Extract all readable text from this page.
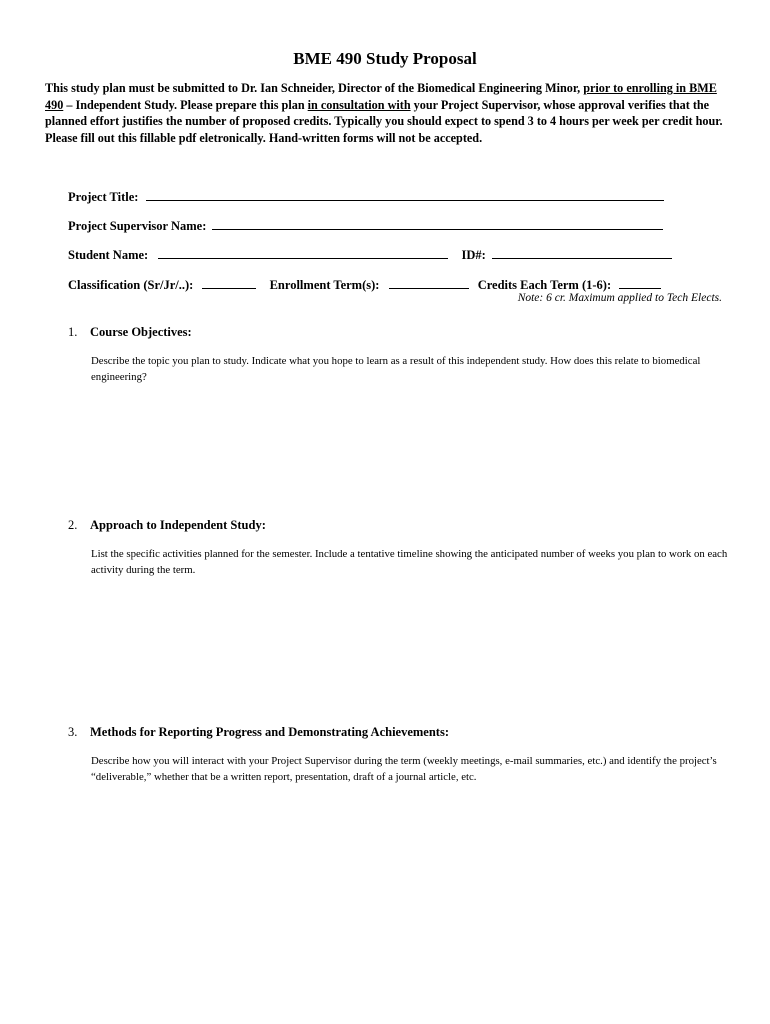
BME 490 Study Proposal
This study plan must be submitted to Dr. Ian Schneider, Director of the Biomedical Engineering Minor, prior to enrolling in BME 490 – Independent Study. Please prepare this plan in consultation with your Project Supervisor, whose approval verifies that the planned effort justifies the number of proposed credits. Typically you should expect to spend 3 to 4 hours per week per credit hour. Please fill out this fillable pdf eletronically. Hand-written forms will not be accepted.
Project Title:
Project Supervisor Name:
Student Name:	ID#:
Classification (Sr/Jr/..):	Enrollment Term(s):	Credits Each Term (1-6):
Note: 6 cr. Maximum applied to Tech Elects.
1. Course Objectives:
Describe the topic you plan to study. Indicate what you hope to learn as a result of this independent study. How does this relate to biomedical engineering?
2. Approach to Independent Study:
List the specific activities planned for the semester. Include a tentative timeline showing the anticipated number of weeks you plan to work on each activity during the term.
3. Methods for Reporting Progress and Demonstrating Achievements:
Describe how you will interact with your Project Supervisor during the term (weekly meetings, e-mail summaries, etc.) and identify the project’s “deliverable,” whether that be a written report, presentation, draft of a journal article, etc.
